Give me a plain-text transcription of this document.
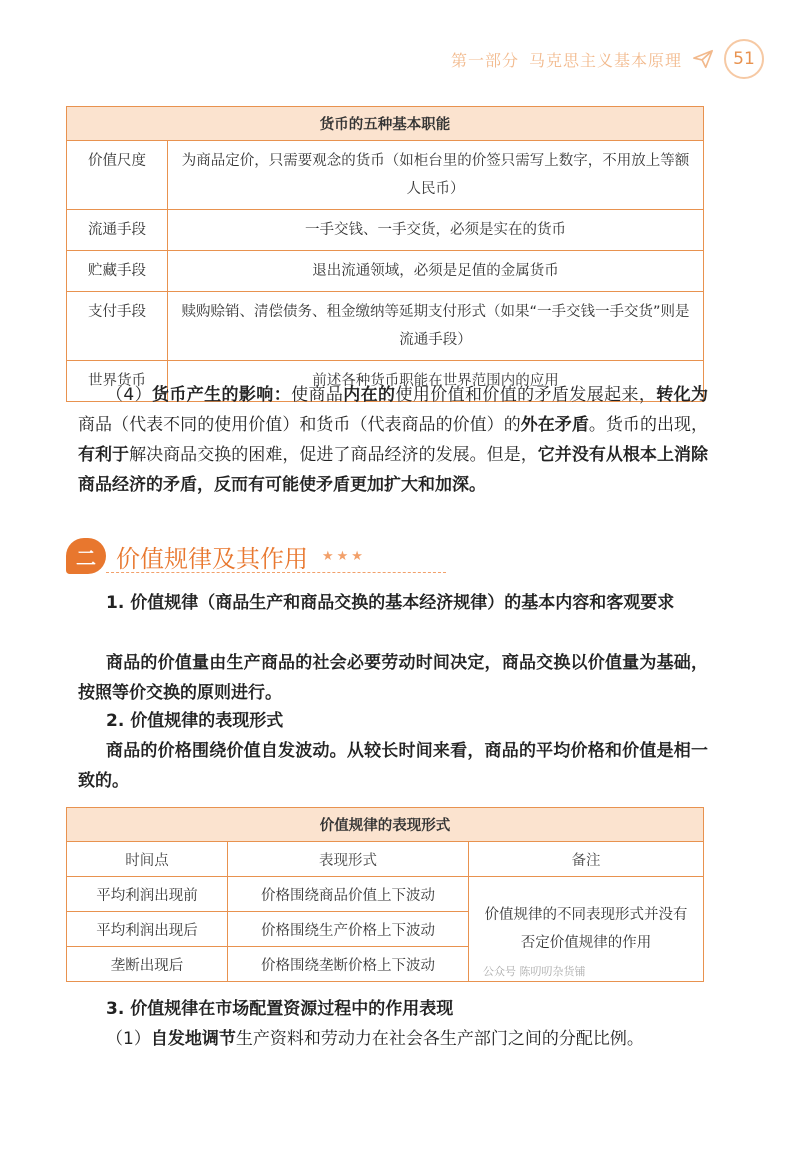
第一部分 马克思主义基本原理	51
货币的五种基本职能	
价值尺度	为商品定价，只需要观念的货币（如柜台里的价签只需写上数字，不用放上等额人民币）
流通手段	一手交钱、一手交货，必须是实在的货币
贮藏手段	退出流通领域，必须是足值的金属货币
支付手段	赎购赊销、清偿债务、租金缴纳等延期支付形式（如果“一手交钱一手交货”则是流通手段）
世界货币	前述各种货币职能在世界范围内的应用
（4）货币产生的影响：使商品内在的使用价值和价值的矛盾发展起来，转化为商品（代表不同的使用价值）和货币（代表商品的价值）的外在矛盾。货币的出现，有利于解决商品交换的困难，促进了商品经济的发展。但是，它并没有从根本上消除商品经济的矛盾，反而有可能使矛盾更加扩大和加深。
二 价值规律及其作用 ★★★
1. 价值规律（商品生产和商品交换的基本经济规律）的基本内容和客观要求
商品的价值量由生产商品的社会必要劳动时间决定，商品交换以价值量为基础，按照等价交换的原则进行。
2. 价值规律的表现形式
商品的价格围绕价值自发波动。从较长时间来看，商品的平均价格和价值是相一致的。
价值规律的表现形式		
时间点	表现形式	备注
平均利润出现前	价格围绕商品价值上下波动	价值规律的不同表现形式并没有否定价值规律的作用
公众号 陈叨叨杂货铺

平均利润出现后	价格围绕生产价格上下波动	
垄断出现后	价格围绕垄断价格上下波动	
3. 价值规律在市场配置资源过程中的作用表现
（1）自发地调节生产资料和劳动力在社会各生产部门之间的分配比例。
